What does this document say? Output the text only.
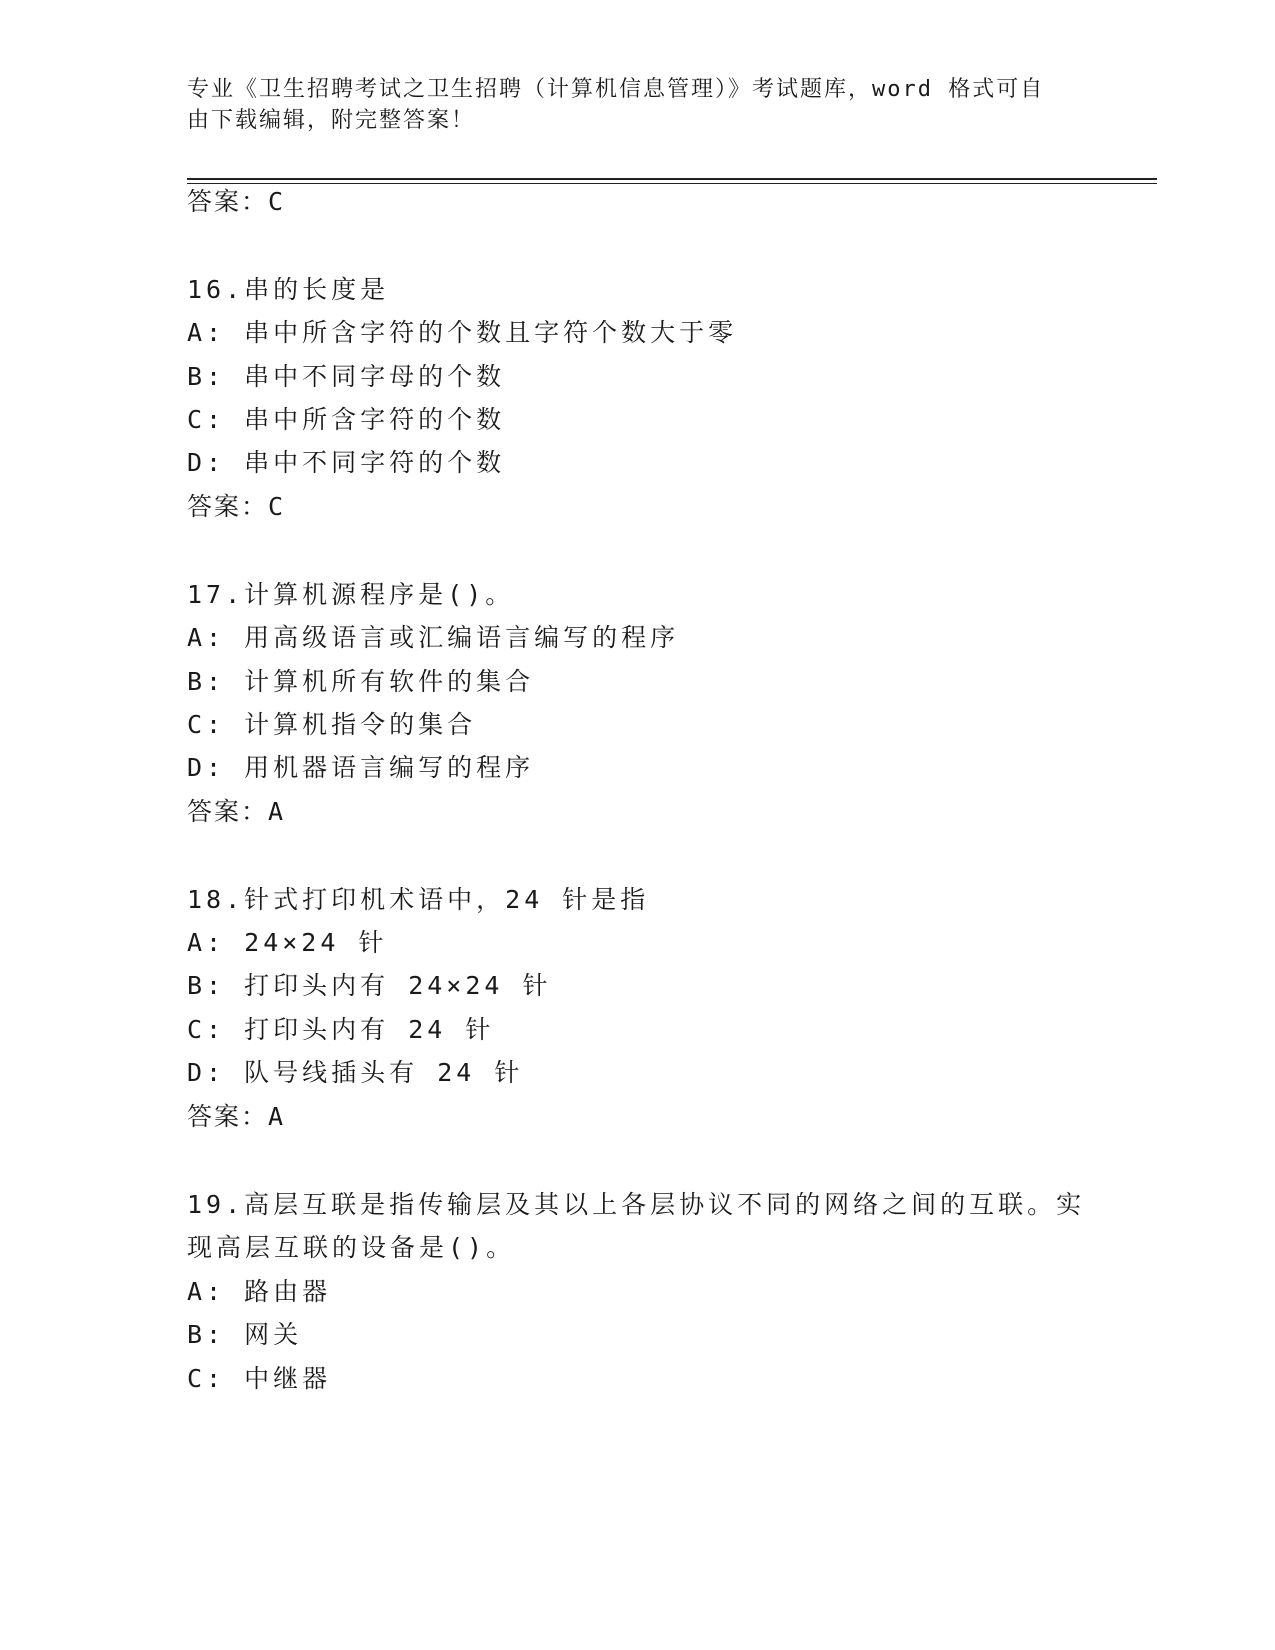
专业《卫生招聘考试之卫生招聘（计算机信息管理）》考试题库，word 格式可自
由下载编辑，附完整答案！
答案：C
16.串的长度是
A: 串中所含字符的个数且字符个数大于零
B: 串中不同字母的个数
C: 串中所含字符的个数
D: 串中不同字符的个数
答案：C
17.计算机源程序是()。
A: 用高级语言或汇编语言编写的程序
B: 计算机所有软件的集合
C: 计算机指令的集合
D: 用机器语言编写的程序
答案：A
18.针式打印机术语中，24 针是指
A: 24×24 针
B: 打印头内有 24×24 针
C: 打印头内有 24 针
D: 队号线插头有 24 针
答案：A
19.高层互联是指传输层及其以上各层协议不同的网络之间的互联。实
现高层互联的设备是()。
A: 路由器
B: 网关
C: 中继器
